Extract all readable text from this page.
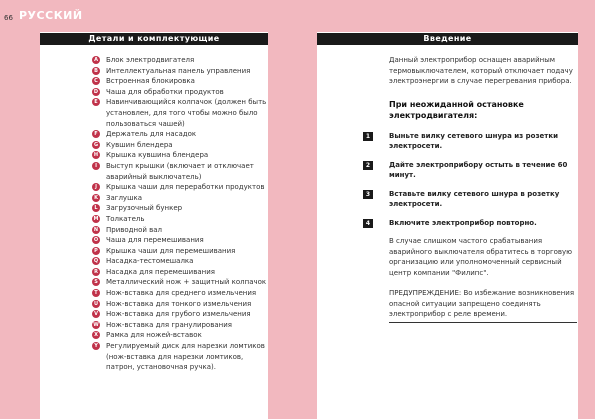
66 РУССКИЙ
Детали и комплектующие	Введение
A Блок электродвигателя
B Интеллектуальная панель управления
C	Встроенная блокировка
D Чаша для обработки продуктов
E	Навинчивающийся колпачок (должен быть установлен, для того чтобы можно было пользоваться чашей)
F	Держатель для насадок
G Кувшин блендера
H Крышка кувшина блендера
I	Выступ крышки (включает и отключает аварийный выключатель)
J	Крышка чаши для переработки продуктов
K Заглушка
L	Загрузочный бункер
M Толкатель
N Приводной вал
O Чаша для перемешивания
P	Крышка чаши для перемешивания
Q Насадка-тестомешалка
R Насадка для перемешивания
S	Металлический нож + защитный колпачок
T	Нож-вставка для среднего измельчения
U Нож-вставка для тонкого измельчения
V Нож-вставка для грубого измельчения
W Нож-вставка для гранулирования
X Рамка для ножей-вставок
Y	Регулируемый диск для нарезки ломтиков (нож-вставка для нарезки ломтиков, патрон, установочная ручка).

Данный электроприбор оснащен аварийным термовыключателем, который отключает подачу электроэнергии в случае перегревания прибора.

При неожиданной остановке электродвигателя:

1	Выньте вилку сетевого шнура из розетки электросети.

2	Дайте электроприбору остыть в течение 60 минут.

3	Вставьте вилку сетевого шнура в розетку электросети.

4	Включите электроприбор повторно.

В случае слишком частого срабатывания аварийного выключателя обратитесь в торговую организацию или уполномоченный сервисный центр компании "Филипс".

ПРЕДУПРЕЖДЕНИЕ: Во избежание возникновения опасной ситуации запрещено соединять электроприбор с реле времени.
